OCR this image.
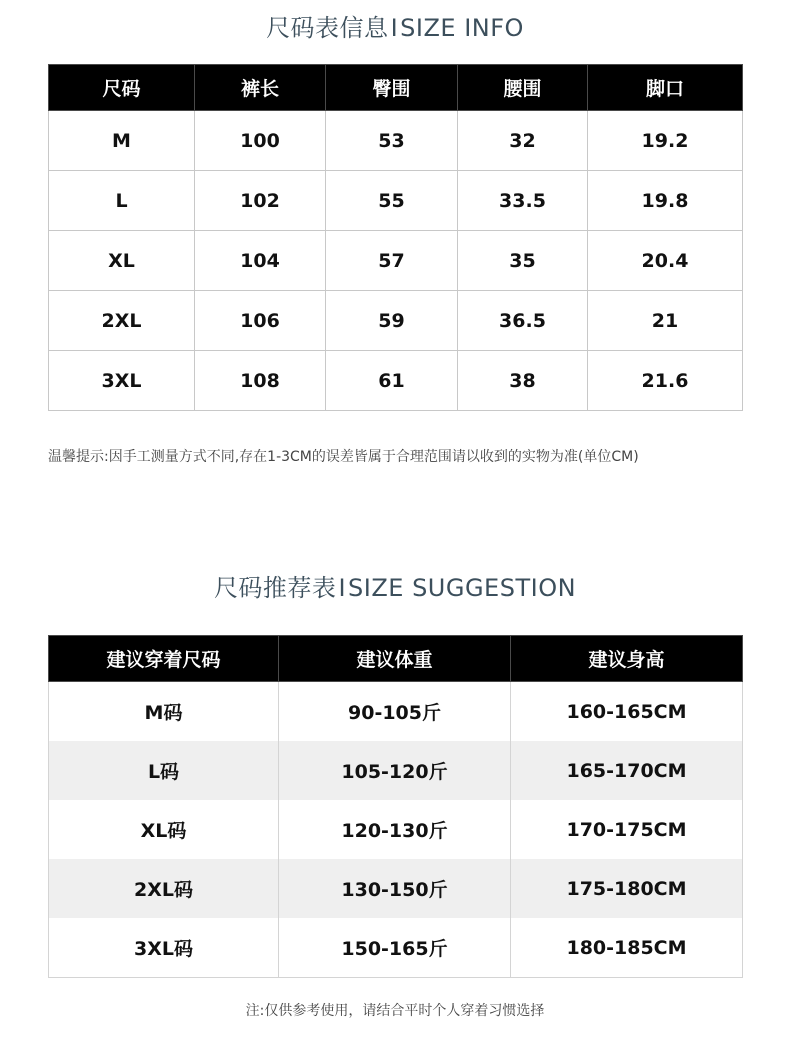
尺码表信息ISIZE INFO
尺码	裤长	臀围	腰围	脚口
M	100	53	32	19.2
L	102	55	33.5	19.8
XL	104	57	35	20.4
2XL	106	59	36.5	21
3XL	108	61	38	21.6
温馨提示:因手工测量方式不同,存在1-3CM的误差皆属于合理范围请以收到的实物为准(单位CM)
尺码推荐表ISIZE SUGGESTION
建议穿着尺码	建议体重	建议身高
M码	90-105斤	160-165CM
L码	105-120斤	165-170CM
XL码	120-130斤	170-175CM
2XL码	130-150斤	175-180CM
3XL码	150-165斤	180-185CM
注:仅供参考使用，请结合平时个人穿着习惯选择
